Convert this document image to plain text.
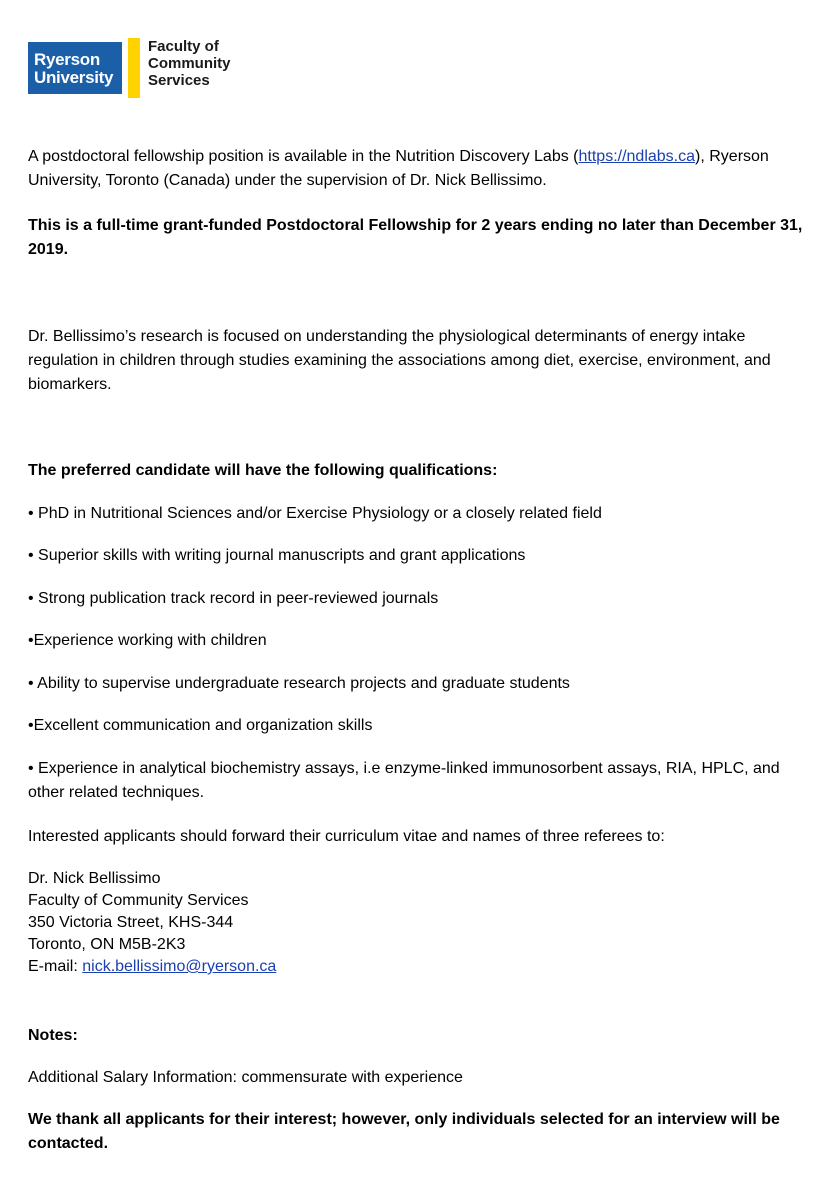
Ryerson
University
Faculty of
Community
Services

A postdoctoral fellowship position is available in the Nutrition Discovery Labs (https://ndlabs.ca), Ryerson University, Toronto (Canada) under the supervision of Dr. Nick Bellissimo.

This is a full-time grant-funded Postdoctoral Fellowship for 2 years ending no later than December 31, 2019.

Dr. Bellissimo’s research is focused on understanding the physiological determinants of energy intake regulation in children through studies examining the associations among diet, exercise, environment, and biomarkers.

The preferred candidate will have the following qualifications:

• PhD in Nutritional Sciences and/or Exercise Physiology or a closely related field

• Superior skills with writing journal manuscripts and grant applications

• Strong publication track record in peer-reviewed journals

•Experience working with children

• Ability to supervise undergraduate research projects and graduate students

•Excellent communication and organization skills

• Experience in analytical biochemistry assays, i.e enzyme-linked immunosorbent assays, RIA, HPLC, and other related techniques.

Interested applicants should forward their curriculum vitae and names of three referees to:

Dr. Nick Bellissimo
Faculty of Community Services
350 Victoria Street, KHS-344
Toronto, ON M5B-2K3
E-mail: nick.bellissimo@ryerson.ca

Notes:

Additional Salary Information: commensurate with experience

We thank all applicants for their interest; however, only individuals selected for an interview will be contacted.
